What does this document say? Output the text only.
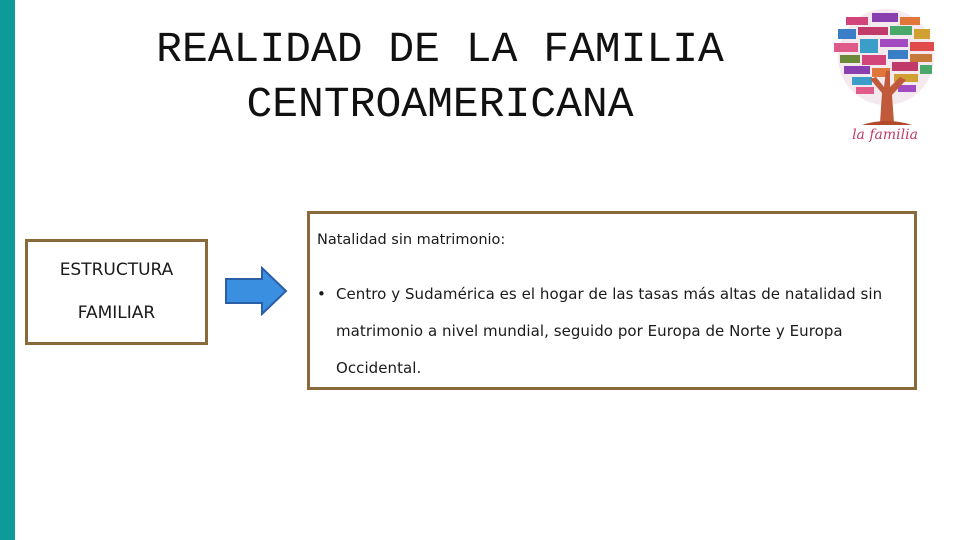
REALIDAD DE LA FAMILIA
CENTROAMERICANA
la familia
ESTRUCTURA
FAMILIAR
Natalidad sin matrimonio:
• Centro y Sudamérica es el hogar de las tasas más altas de natalidad sin matrimonio a nivel mundial, seguido por Europa de Norte y Europa Occidental.
